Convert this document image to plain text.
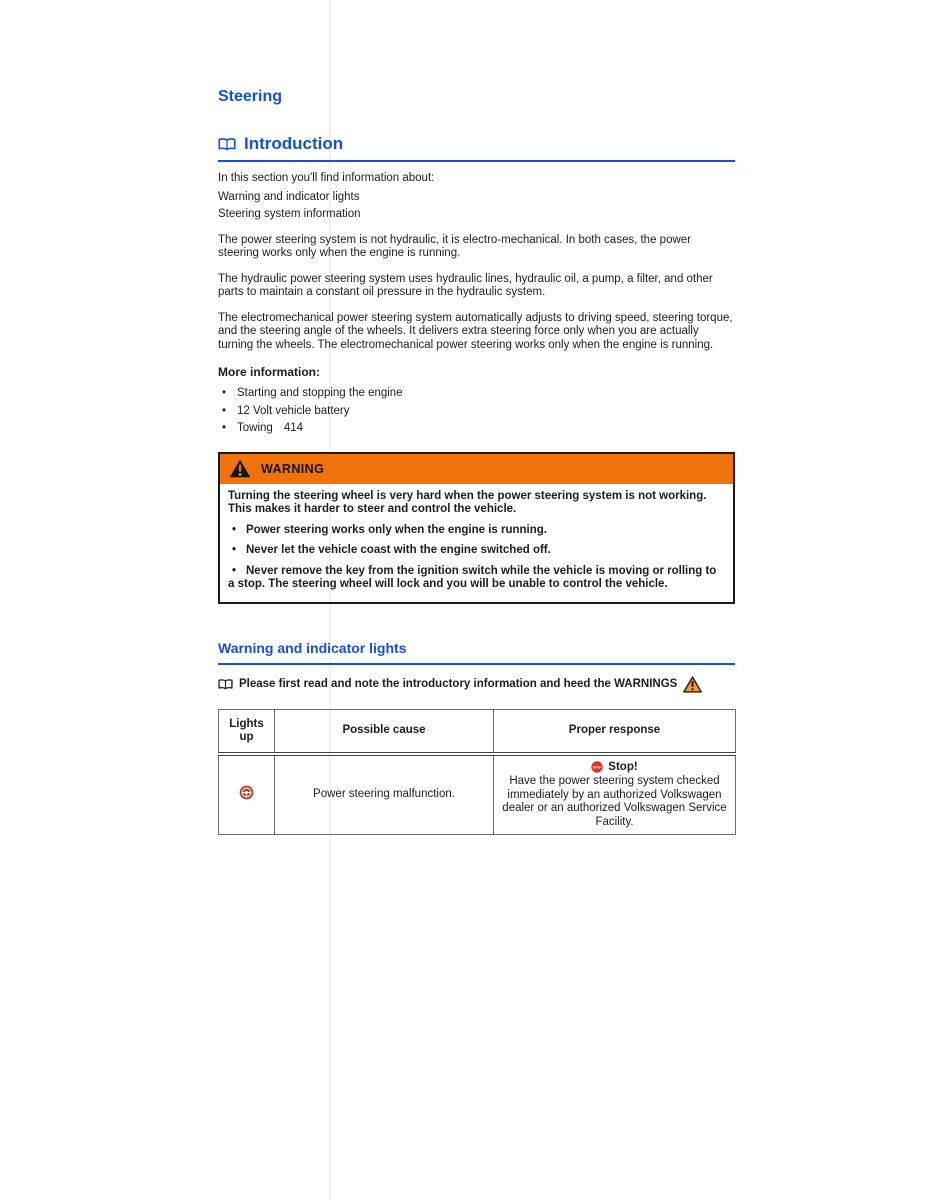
Steering
Introduction

In this section you'll find information about:

Warning and indicator lights

Steering system information

The power steering system is not hydraulic, it is electro-mechanical. In both cases, the power steering works only when the engine is running.

The hydraulic power steering system uses hydraulic lines, hydraulic oil, a pump, a filter, and other parts to maintain a constant oil pressure in the hydraulic system.

The electromechanical power steering system automatically adjusts to driving speed, steering torque, and the steering angle of the wheels. It delivers extra steering force only when you are actually turning the wheels. The electromechanical power steering works only when the engine is running.

More information:

• Starting and stopping the engine
• 12 Volt vehicle battery
• Towing 414
WARNING

Turning the steering wheel is very hard when the power steering system is not working. This makes it harder to steer and control the vehicle.

• Power steering works only when the engine is running.

• Never let the vehicle coast with the engine switched off.

• Never remove the key from the ignition switch while the vehicle is moving or rolling to a stop. The steering wheel will lock and you will be unable to control the vehicle.

Warning and indicator lights

Please first read and note the introductory information and heed the WARNINGS

Lights up	Possible cause	Proper response

	Power steering malfunction.	STOP Stop!
Have the power steering system checked immediately by an authorized Volkswagen dealer or an authorized Volkswagen Service Facility.
